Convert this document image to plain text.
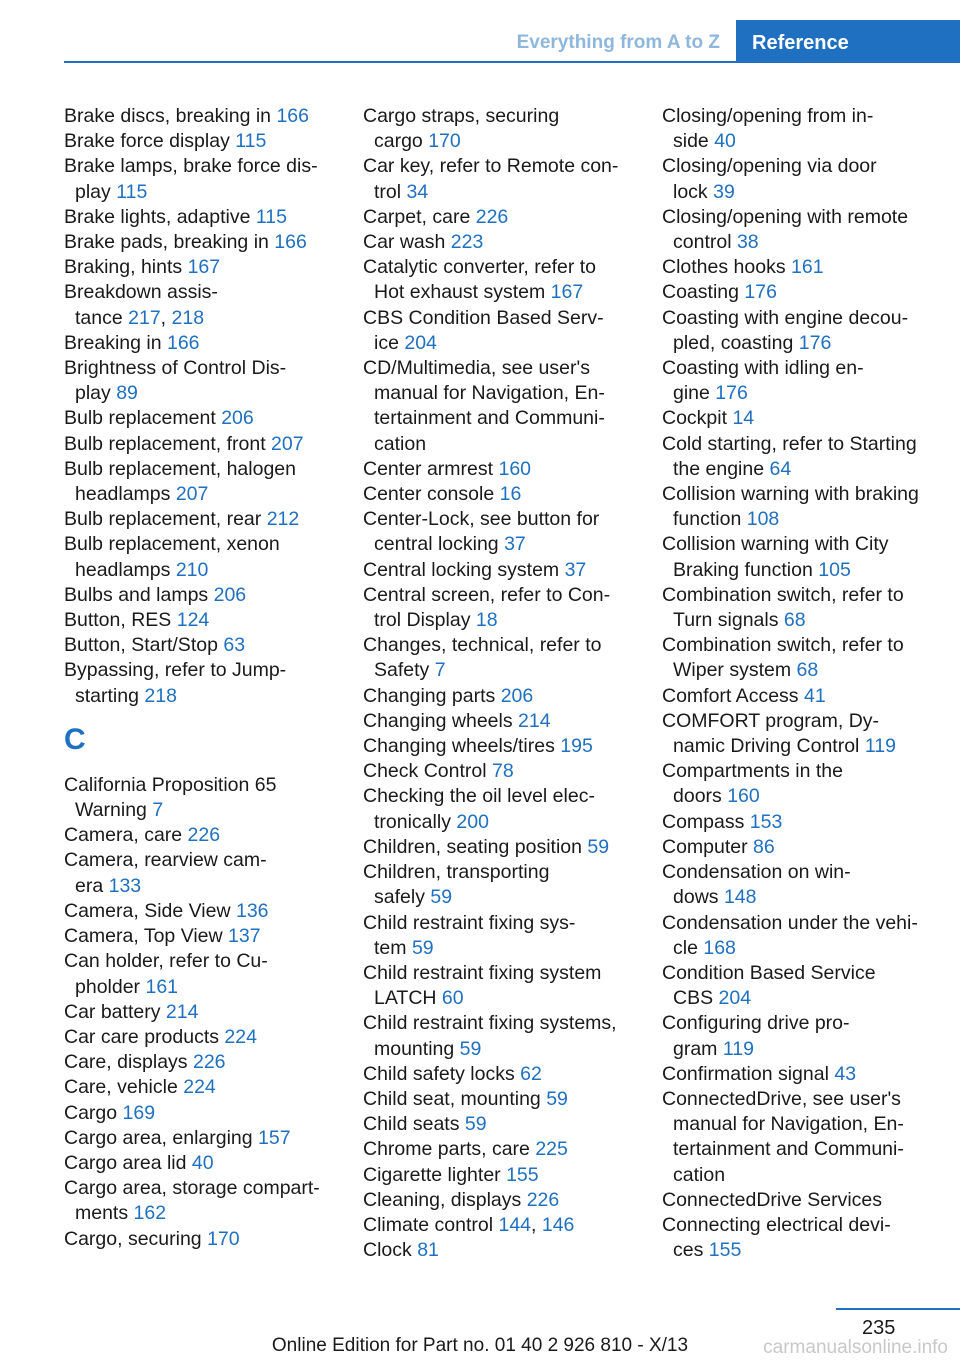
Everything from A to Z	Reference
Brake discs, breaking in 166
Brake force display 115
Brake lamps, brake force dis-
play 115
Brake lights, adaptive 115
Brake pads, breaking in 166
Braking, hints 167
Breakdown assis-
tance 217, 218
Breaking in 166
Brightness of Control Dis-
play 89
Bulb replacement 206
Bulb replacement, front 207
Bulb replacement, halogen
headlamps 207
Bulb replacement, rear 212
Bulb replacement, xenon
headlamps 210
Bulbs and lamps 206
Button, RES 124
Button, Start/Stop 63
Bypassing, refer to Jump-
starting 218
C
California Proposition 65
Warning 7
Camera, care 226
Camera, rearview cam-
era 133
Camera, Side View 136
Camera, Top View 137
Can holder, refer to Cu-
pholder 161
Car battery 214
Car care products 224
Care, displays 226
Care, vehicle 224
Cargo 169
Cargo area, enlarging 157
Cargo area lid 40
Cargo area, storage compart-
ments 162
Cargo, securing 170
Cargo straps, securing
cargo 170
Car key, refer to Remote con-
trol 34
Carpet, care 226
Car wash 223
Catalytic converter, refer to
Hot exhaust system 167
CBS Condition Based Serv-
ice 204
CD/Multimedia, see user's
manual for Navigation, En-
tertainment and Communi-
cation
Center armrest 160
Center console 16
Center-Lock, see button for
central locking 37
Central locking system 37
Central screen, refer to Con-
trol Display 18
Changes, technical, refer to
Safety 7
Changing parts 206
Changing wheels 214
Changing wheels/tires 195
Check Control 78
Checking the oil level elec-
tronically 200
Children, seating position 59
Children, transporting
safely 59
Child restraint fixing sys-
tem 59
Child restraint fixing system
LATCH 60
Child restraint fixing systems,
mounting 59
Child safety locks 62
Child seat, mounting 59
Child seats 59
Chrome parts, care 225
Cigarette lighter 155
Cleaning, displays 226
Climate control 144, 146
Clock 81
Closing/opening from in-
side 40
Closing/opening via door
lock 39
Closing/opening with remote
control 38
Clothes hooks 161
Coasting 176
Coasting with engine decou-
pled, coasting 176
Coasting with idling en-
gine 176
Cockpit 14
Cold starting, refer to Starting
the engine 64
Collision warning with braking
function 108
Collision warning with City
Braking function 105
Combination switch, refer to
Turn signals 68
Combination switch, refer to
Wiper system 68
Comfort Access 41
COMFORT program, Dy-
namic Driving Control 119
Compartments in the
doors 160
Compass 153
Computer 86
Condensation on win-
dows 148
Condensation under the vehi-
cle 168
Condition Based Service
CBS 204
Configuring drive pro-
gram 119
Confirmation signal 43
ConnectedDrive, see user's
manual for Navigation, En-
tertainment and Communi-
cation
ConnectedDrive Services
Connecting electrical devi-
ces 155
235
Online Edition for Part no. 01 40 2 926 810 - X/13	carmanualsonline.info
